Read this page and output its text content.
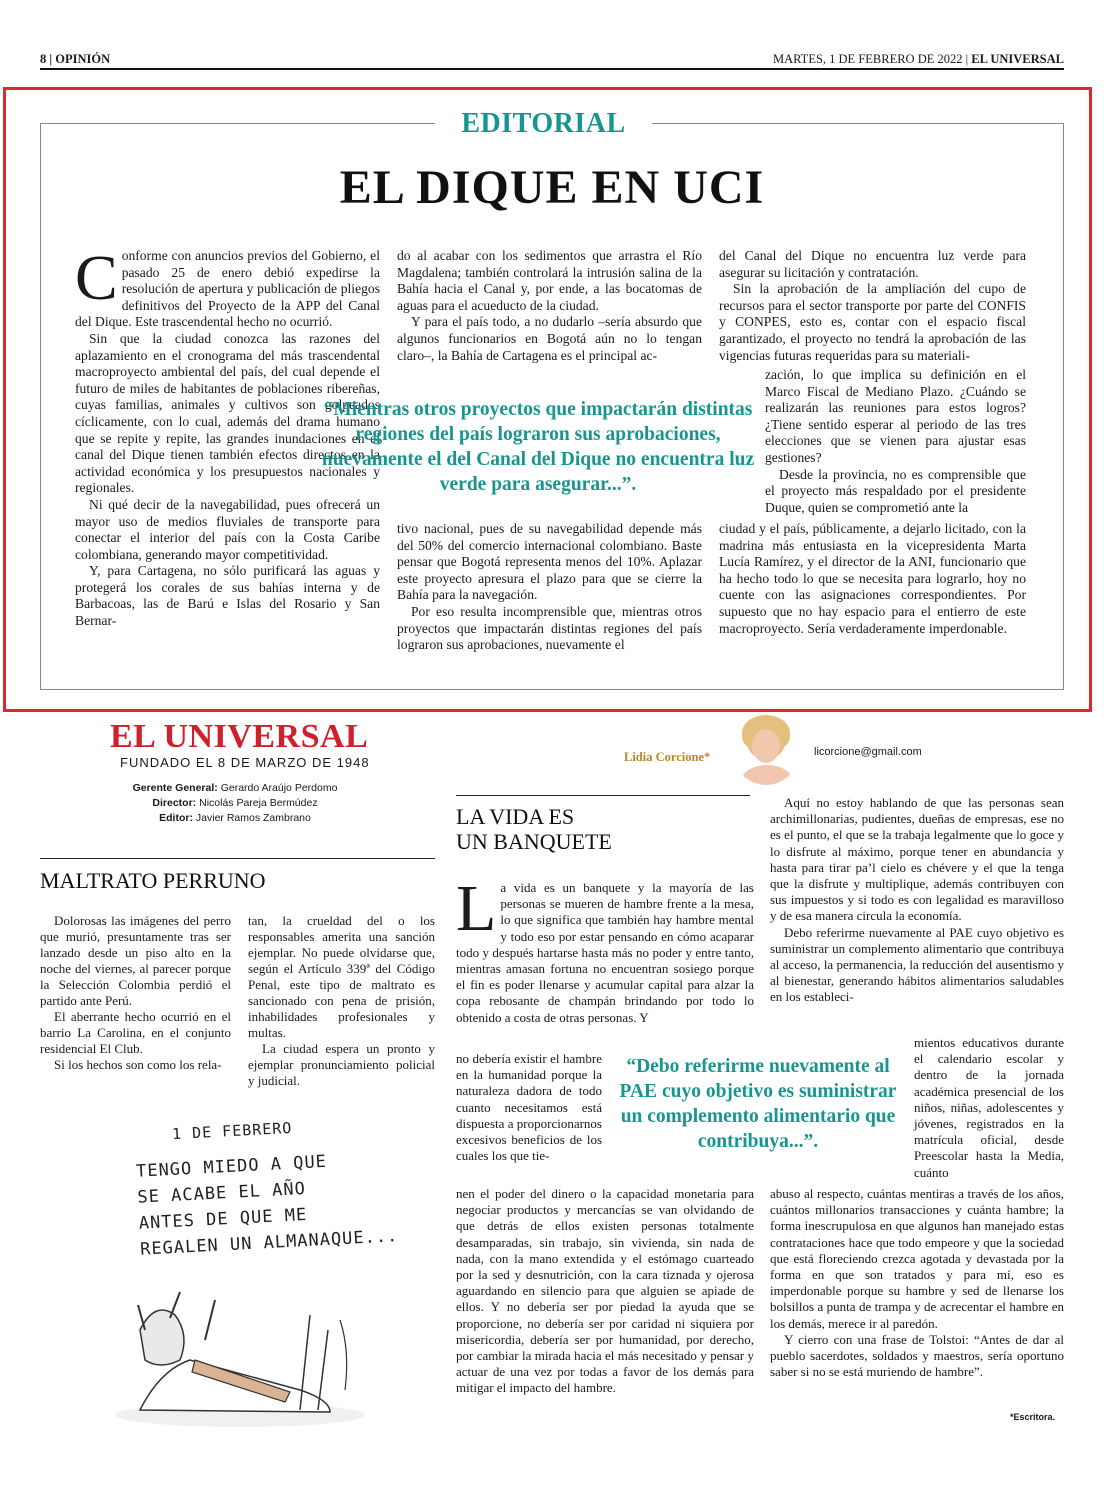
8 | OPINIÓN	MARTES, 1 DE FEBRERO DE 2022 | EL UNIVERSAL
EDITORIAL
EL DIQUE EN UCI

Conforme con anuncios previos del Gobierno, el pasado 25 de enero debió expedirse la resolución de apertura y publicación de pliegos definitivos del Proyecto de la APP del Canal del Dique. Este trascendental hecho no ocurrió.

Sin que la ciudad conozca las razones del aplazamiento en el cronograma del más trascendental macroproyecto ambiental del país, del cual depende el futuro de miles de habitantes de poblaciones ribereñas, cuyas familias, animales y cultivos son golpeados cíclicamente, con lo cual, además del drama humano que se repite y repite, las grandes inundaciones en el canal del Dique tienen también efectos directos en la actividad económica y los presupuestos nacionales y regionales.

Ni qué decir de la navegabilidad, pues ofrecerá un mayor uso de medios fluviales de transporte para conectar el interior del país con la Costa Caribe colombiana, generando mayor competitividad.

Y, para Cartagena, no sólo purificará las aguas y protegerá los corales de sus bahías interna y de Barbacoas, las de Barú e Islas del Rosario y San Bernar-

do al acabar con los sedimentos que arrastra el Río Magdalena; también controlará la intrusión salina de la Bahía hacia el Canal y, por ende, a las bocatomas de aguas para el acueducto de la ciudad.

Y para el país todo, a no dudarlo –sería absurdo que algunos funcionarios en Bogotá aún no lo tengan claro–, la Bahía de Cartagena es el principal ac-

tivo nacional, pues de su navegabilidad depende más del 50% del comercio internacional colombiano. Baste pensar que Bogotá representa menos del 10%. Aplazar este proyecto apresura el plazo para que se cierre la Bahía para la navegación.

Por eso resulta incomprensible que, mientras otros proyectos que impactarán distintas regiones del país lograron sus aprobaciones, nuevamente el

del Canal del Dique no encuentra luz verde para asegurar su licitación y contratación.

Sin la aprobación de la ampliación del cupo de recursos para el sector transporte por parte del CONFIS y CONPES, esto es, contar con el espacio fiscal garantizado, el proyecto no tendrá la aprobación de las vigencias futuras requeridas para su materiali-

zación, lo que implica su definición en el Marco Fiscal de Mediano Plazo. ¿Cuándo se realizarán las reuniones para estos logros? ¿Tiene sentido esperar al periodo de las tres elecciones que se vienen para ajustar esas gestiones?

Desde la provincia, no es comprensible que el proyecto más respaldado por el presidente Duque, quien se comprometió ante la

ciudad y el país, públicamente, a dejarlo licitado, con la madrina más entusiasta en la vicepresidenta Marta Lucía Ramírez, y el director de la ANI, funcionario que ha hecho todo lo que se necesita para lograrlo, hoy no cuente con las asignaciones correspondientes. Por supuesto que no hay espacio para el entierro de este macroproyecto. Sería verdaderamente imperdonable.

“Mientras otros proyectos que impactarán distintas regiones del país lograron sus aprobaciones, nuevamente el del Canal del Dique no encuentra luz verde para asegurar...”.
EL UNIVERSAL
FUNDADO EL 8 DE MARZO DE 1948
Gerente General: Gerardo Araújo Perdomo
Director: Nicolás Pareja Bermúdez
Editor: Javier Ramos Zambrano
MALTRATO PERRUNO

Dolorosas las imágenes del perro que murió, presuntamente tras ser lanzado desde un piso alto en la noche del viernes, al parecer porque la Selección Colombia perdió el partido ante Perú.

El aberrante hecho ocurrió en el barrio La Carolina, en el conjunto residencial El Club.

Si los hechos son como los rela-

tan, la crueldad del o los responsables amerita una sanción ejemplar. No puede olvidarse que, según el Artículo 339ª del Código Penal, este tipo de maltrato es sancionado con pena de prisión, inhabilidades profesionales y multas.

La ciudad espera un pronto y ejemplar pronunciamiento policial y judicial.

1 DE FEBRERO
TENGO MIEDO A QUE
SE ACABE EL AÑO
ANTES DE QUE ME
REGALEN UN ALMANAQUE...
Lidia Corcione*	licorcione@gmail.com
LA VIDA ES
UN BANQUETE

La vida es un banquete y la mayoría de las personas se mueren de hambre frente a la mesa, lo que significa que también hay hambre mental y todo eso por estar pensando en cómo acaparar todo y después hartarse hasta más no poder y entre tanto, mientras amasan fortuna no encuentran sosiego porque el fin es poder llenarse y acumular capital para alzar la copa rebosante de champán brindando por todo lo obtenido a costa de otras personas. Y

no debería existir el hambre en la humanidad porque la naturaleza dadora de todo cuanto necesitamos está dispuesta a proporcionarnos excesivos beneficios de los cuales los que tie-

nen el poder del dinero o la capacidad monetaria para negociar productos y mercancías se van olvidando de que detrás de ellos existen personas totalmente desamparadas, sin trabajo, sin vivienda, sin nada de nada, con la mano extendida y el estómago cuarteado por la sed y desnutrición, con la cara tiznada y ojerosa aguardando en silencio para que alguien se apiade de ellos. Y no debería ser por piedad la ayuda que se proporcione, no debería ser por caridad ni siquiera por misericordia, debería ser por humanidad, por derecho, por cambiar la mirada hacia el más necesitado y pensar y actuar de una vez por todas a favor de los demás para mitigar el impacto del hambre.

Aquí no estoy hablando de que las personas sean archimillonarias, pudientes, dueñas de empresas, ese no es el punto, el que se la trabaja legalmente que lo goce y lo disfrute al máximo, porque tener en abundancia y hasta para tirar pa’l cielo es chévere y el que la tenga que la disfrute y multiplique, además contribuyen con sus impuestos y si todo es con legalidad es maravilloso y de esa manera circula la economía.

Debo referirme nuevamente al PAE cuyo objetivo es suministrar un complemento alimentario que contribuya al acceso, la permanencia, la reducción del ausentismo y al bienestar, generando hábitos alimentarios saludables en los estableci-

mientos educativos durante el calendario escolar y dentro de la jornada académica presencial de los niños, niñas, adolescentes y jóvenes, registrados en la matrícula oficial, desde Preescolar hasta la Media, cuánto

abuso al respecto, cuántas mentiras a través de los años, cuántos millonarios transacciones y cuánta hambre; la forma inescrupulosa en que algunos han manejado estas contrataciones hace que todo empeore y que la sociedad que está floreciendo crezca agotada y devastada por la forma en que son tratados y para mí, eso es imperdonable porque su hambre y sed de llenarse los bolsillos a punta de trampa y de acrecentar el hambre en los demás, merece ir al paredón.

Y cierro con una frase de Tolstoi: “Antes de dar al pueblo sacerdotes, soldados y maestros, sería oportuno saber si no se está muriendo de hambre”.

*Escritora.
“Debo referirme nuevamente al PAE cuyo objetivo es suministrar un complemento alimentario que contribuya...”.
